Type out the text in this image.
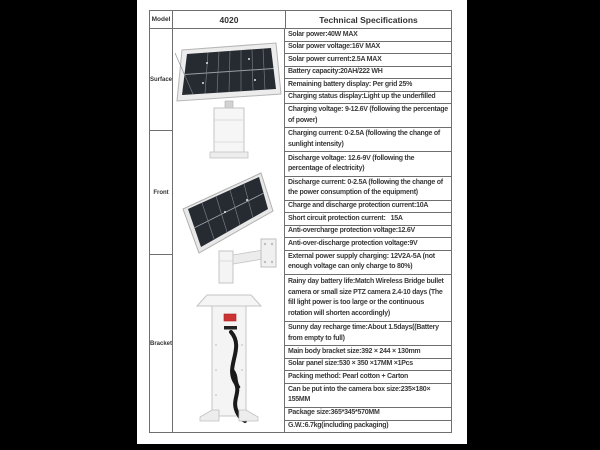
Model	4020	Technical Specifications
Surface
Front
Bracket
Solar power:40W MAX
Solar power voltage:16V MAX
Solar power current:2.5A MAX
Battery capacity:20AH/222 WH
Remaining battery display: Per grid 25%
Charging status display:Light up the underfilled
Charging voltage: 9-12.6V (following the percentage of power)
Charging current: 0-2.5A (following the change of sunlight intensity)
Discharge voltage: 12.6-9V (following the percentage of electricity)
Discharge current: 0-2.5A (following the change of the power consumption of the equipment)
Charge and discharge protection current:10A
Short circuit protection current:   15A
Anti-overcharge protection voltage:12.6V
Anti-over-discharge protection voltage:9V
External power supply charging: 12V2A-5A (not enough voltage can only charge to 80%)
Rainy day battery life:Match Wireless Bridge bullet camera or small size PTZ camera 2.4-10 days (The fill light power is too large or the continuous rotation will shorten accordingly)
Sunny day recharge time:About 1.5days((Battery from empty to full)
Main body bracket size:392 × 244 × 130mm
Solar panel size:530 × 350 ×17MM ×1Pcs
Packing method: Pearl cotton + Carton
Can be put into the camera box size:235×180× 155MM
Package size:365*345*570MM
G.W.:6.7kg(including packaging)
